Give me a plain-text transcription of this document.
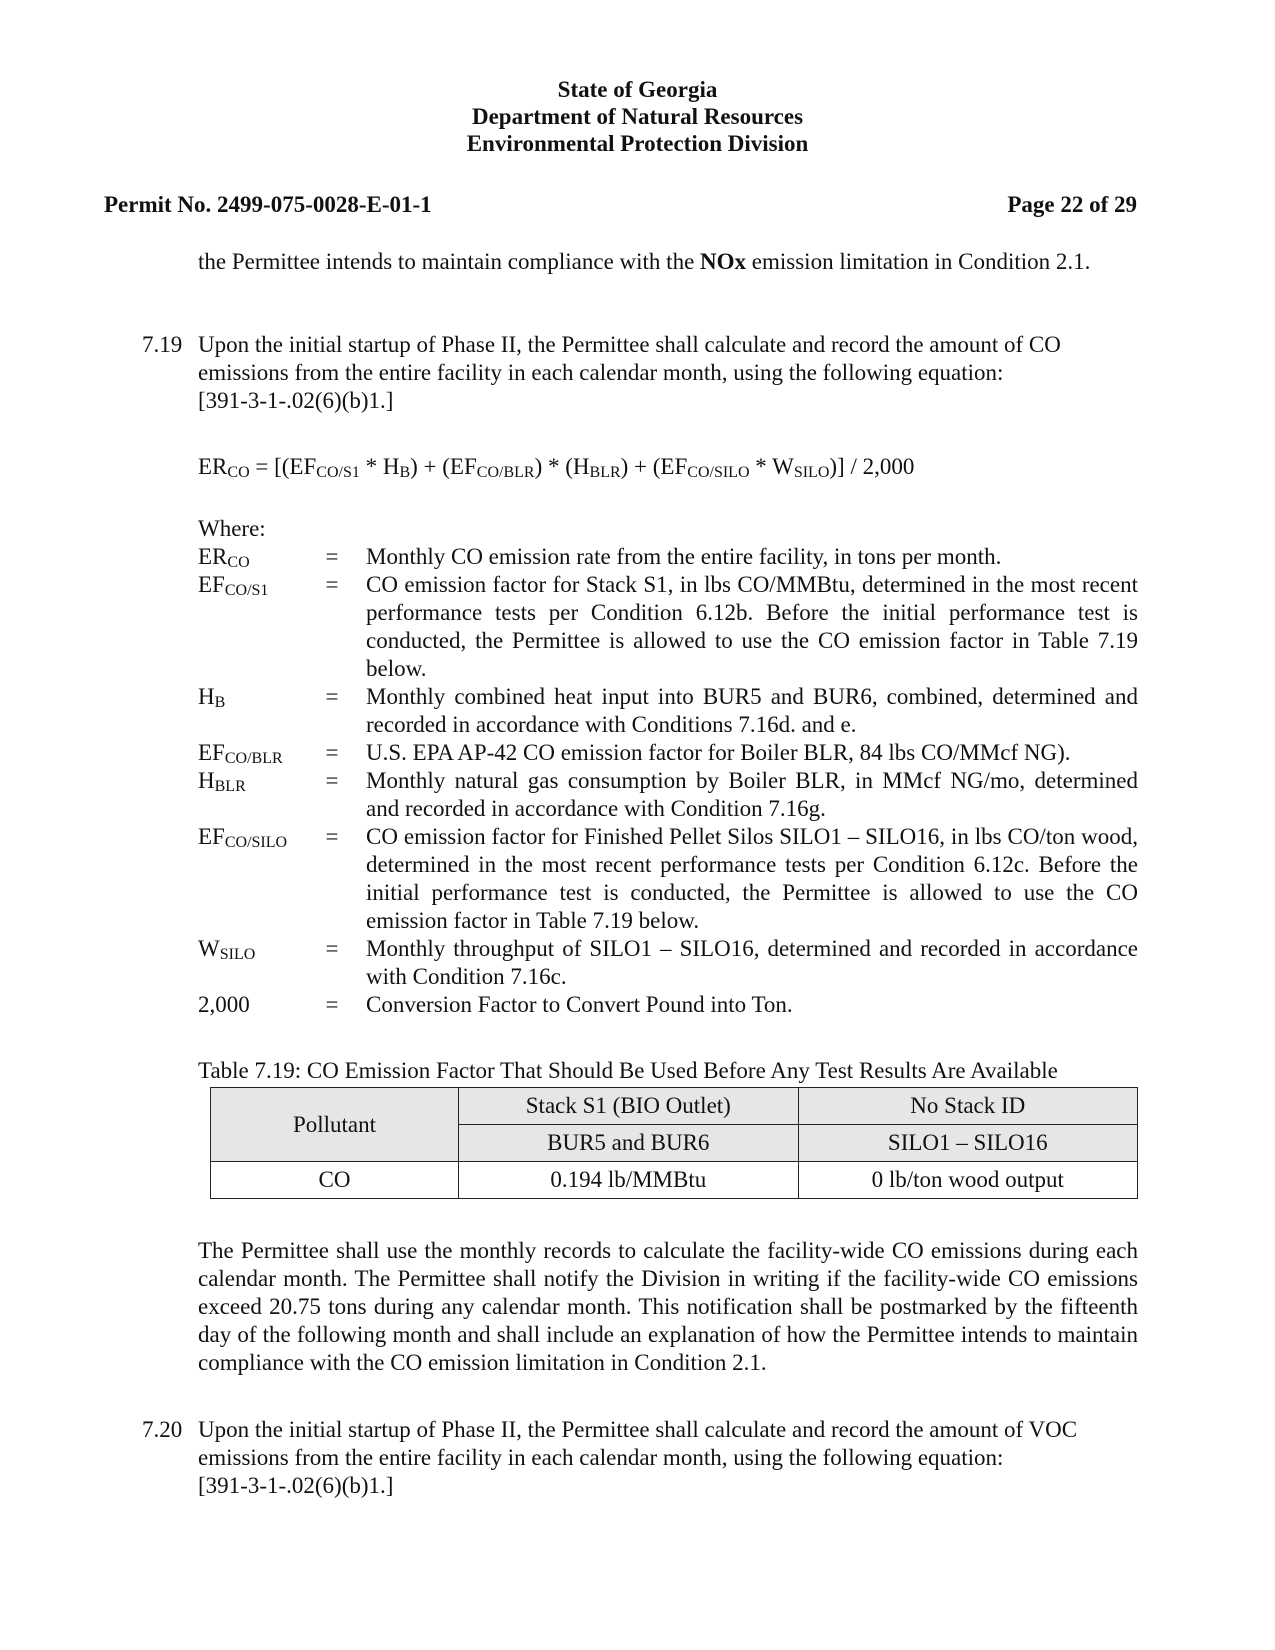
State of Georgia
Department of Natural Resources
Environmental Protection Division
Permit No. 2499-075-0028-E-01-1	Page 22 of 29
the Permittee intends to maintain compliance with the NOx emission limitation in Condition 2.1.
7.19 Upon the initial startup of Phase II, the Permittee shall calculate and record the amount of CO emissions from the entire facility in each calendar month, using the following equation:
[391-3-1-.02(6)(b)1.]
$ER_{CO} = [(EF_{CO/S1} * H_B) + (EF_{CO/BLR}) * (H_{BLR}) + (EF_{CO/SILO} * W_{SILO})] / 2,000$
Where:
$ER_{CO}$	= Monthly CO emission rate from the entire facility, in tons per month.
$EF_{CO/S1}$	= CO emission factor for Stack S1, in lbs CO/MMBtu, determined in the most recent performance tests per Condition 6.12b. Before the initial performance test is conducted, the Permittee is allowed to use the CO emission factor in Table 7.19 below.
$H_B$	= Monthly combined heat input into BUR5 and BUR6, combined, determined and recorded in accordance with Conditions 7.16d. and e.
$EF_{CO/BLR}$	= U.S. EPA AP-42 CO emission factor for Boiler BLR, 84 lbs CO/MMcf NG).
$H_{BLR}$	= Monthly natural gas consumption by Boiler BLR, in MMcf NG/mo, determined and recorded in accordance with Condition 7.16g.
$EF_{CO/SILO}$	= CO emission factor for Finished Pellet Silos SILO1 – SILO16, in lbs CO/ton wood, determined in the most recent performance tests per Condition 6.12c. Before the initial performance test is conducted, the Permittee is allowed to use the CO emission factor in Table 7.19 below.
$W_{SILO}$	= Monthly throughput of SILO1 – SILO16, determined and recorded in accordance with Condition 7.16c.
2,000	= Conversion Factor to Convert Pound into Ton.
Table 7.19: CO Emission Factor That Should Be Used Before Any Test Results Are Available
Pollutant	Stack S1 (BIO Outlet)	No Stack ID
	BUR5 and BUR6	SILO1 – SILO16
CO	0.194 lb/MMBtu	0 lb/ton wood output
The Permittee shall use the monthly records to calculate the facility-wide CO emissions during each calendar month. The Permittee shall notify the Division in writing if the facility-wide CO emissions exceed 20.75 tons during any calendar month. This notification shall be postmarked by the fifteenth day of the following month and shall include an explanation of how the Permittee intends to maintain compliance with the CO emission limitation in Condition 2.1.
7.20 Upon the initial startup of Phase II, the Permittee shall calculate and record the amount of VOC emissions from the entire facility in each calendar month, using the following equation:
[391-3-1-.02(6)(b)1.]
